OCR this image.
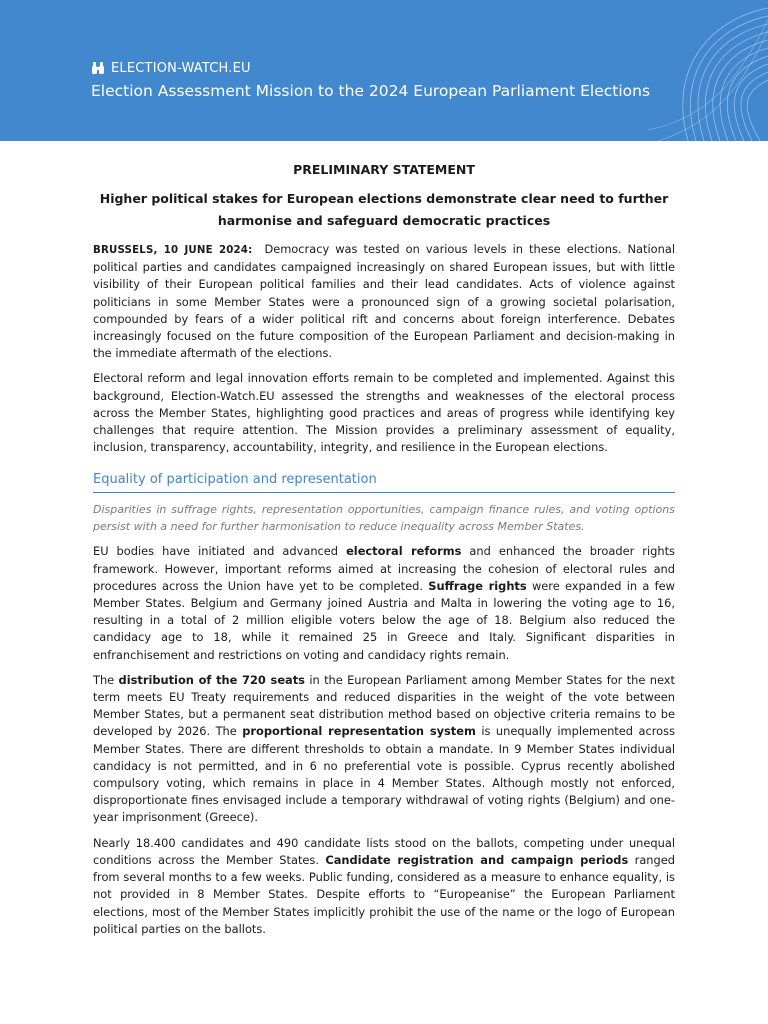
ELECTION-WATCH.EU
Election Assessment Mission to the 2024 European Parliament Elections
PRELIMINARY STATEMENT
Higher political stakes for European elections demonstrate clear need to further harmonise and safeguard democratic practices

BRUSSELS, 10 JUNE 2024: Democracy was tested on various levels in these elections. National political parties and candidates campaigned increasingly on shared European issues, but with little visibility of their European political families and their lead candidates. Acts of violence against politicians in some Member States were a pronounced sign of a growing societal polarisation, compounded by fears of a wider political rift and concerns about foreign interference. Debates increasingly focused on the future composition of the European Parliament and decision-making in the immediate aftermath of the elections.

Electoral reform and legal innovation efforts remain to be completed and implemented. Against this background, Election-Watch.EU assessed the strengths and weaknesses of the electoral process across the Member States, highlighting good practices and areas of progress while identifying key challenges that require attention. The Mission provides a preliminary assessment of equality, inclusion, transparency, accountability, integrity, and resilience in the European elections.

Equality of participation and representation

Disparities in suffrage rights, representation opportunities, campaign finance rules, and voting options persist with a need for further harmonisation to reduce inequality across Member States.

EU bodies have initiated and advanced electoral reforms and enhanced the broader rights framework. However, important reforms aimed at increasing the cohesion of electoral rules and procedures across the Union have yet to be completed. Suffrage rights were expanded in a few Member States. Belgium and Germany joined Austria and Malta in lowering the voting age to 16, resulting in a total of 2 million eligible voters below the age of 18. Belgium also reduced the candidacy age to 18, while it remained 25 in Greece and Italy. Significant disparities in enfranchisement and restrictions on voting and candidacy rights remain.

The distribution of the 720 seats in the European Parliament among Member States for the next term meets EU Treaty requirements and reduced disparities in the weight of the vote between Member States, but a permanent seat distribution method based on objective criteria remains to be developed by 2026. The proportional representation system is unequally implemented across Member States. There are different thresholds to obtain a mandate. In 9 Member States individual candidacy is not permitted, and in 6 no preferential vote is possible. Cyprus recently abolished compulsory voting, which remains in place in 4 Member States. Although mostly not enforced, disproportionate fines envisaged include a temporary withdrawal of voting rights (Belgium) and one-year imprisonment (Greece).

Nearly 18.400 candidates and 490 candidate lists stood on the ballots, competing under unequal conditions across the Member States. Candidate registration and campaign periods ranged from several months to a few weeks. Public funding, considered as a measure to enhance equality, is not provided in 8 Member States. Despite efforts to “Europeanise” the European Parliament elections, most of the Member States implicitly prohibit the use of the name or the logo of European political parties on the ballots.
